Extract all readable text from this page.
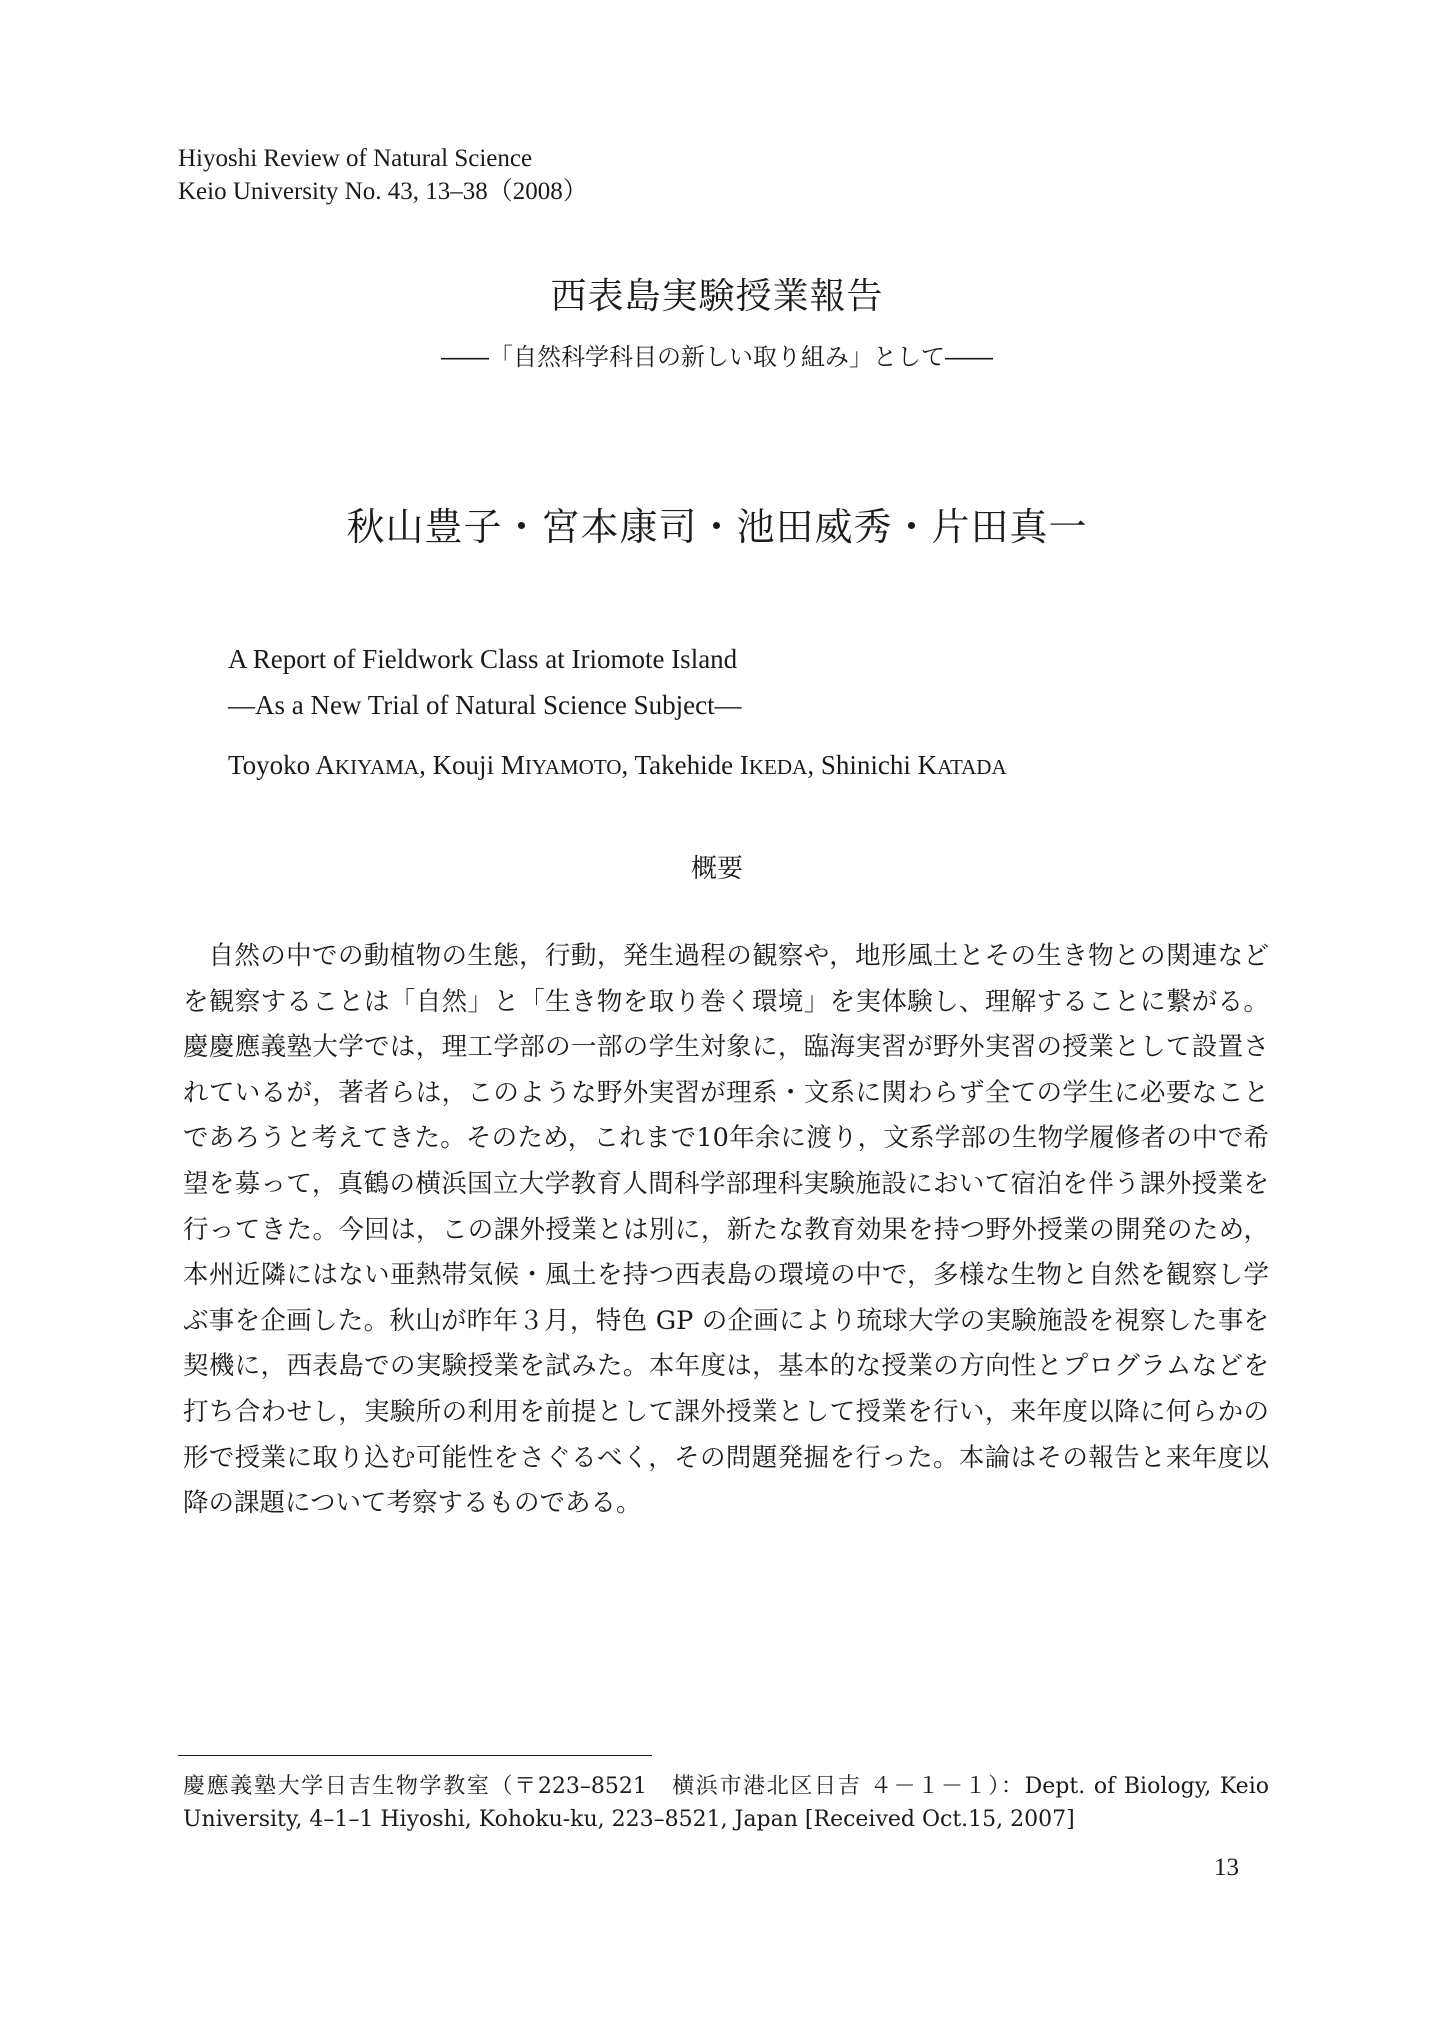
Hiyoshi Review of Natural Science
Keio University No. 43, 13–38（2008）
西表島実験授業報告
――「自然科学科目の新しい取り組み」として――
秋山豊子・宮本康司・池田威秀・片田真一
A Report of Fieldwork Class at Iriomote Island
—As a New Trial of Natural Science Subject—
Toyoko AKIYAMA, Kouji MIYAMOTO, Takehide IKEDA, Shinichi KATADA
概要

自然の中での動植物の生態，行動，発生過程の観察や，地形風土とその生き物との関連などを観察することは「自然」と「生き物を取り巻く環境」を実体験し、理解することに繋がる。慶慶應義塾大学では，理工学部の一部の学生対象に，臨海実習が野外実習の授業として設置されているが，著者らは，このような野外実習が理系・文系に関わらず全ての学生に必要なことであろうと考えてきた。そのため，これまで10年余に渡り，文系学部の生物学履修者の中で希望を募って，真鶴の横浜国立大学教育人間科学部理科実験施設において宿泊を伴う課外授業を行ってきた。今回は，この課外授業とは別に，新たな教育効果を持つ野外授業の開発のため，本州近隣にはない亜熱帯気候・風土を持つ西表島の環境の中で，多様な生物と自然を観察し学ぶ事を企画した。秋山が昨年３月，特色 GP の企画により琉球大学の実験施設を視察した事を契機に，西表島での実験授業を試みた。本年度は，基本的な授業の方向性とプログラムなどを打ち合わせし，実験所の利用を前提として課外授業として授業を行い，来年度以降に何らかの形で授業に取り込む可能性をさぐるべく，その問題発掘を行った。本論はその報告と来年度以降の課題について考察するものである。

慶應義塾大学日吉生物学教室（〒223–8521　横浜市港北区日吉 ４－１－１）：Dept. of Biology, Keio University, 4–1–1 Hiyoshi, Kohoku-ku, 223–8521, Japan [Received Oct.15, 2007]

13
